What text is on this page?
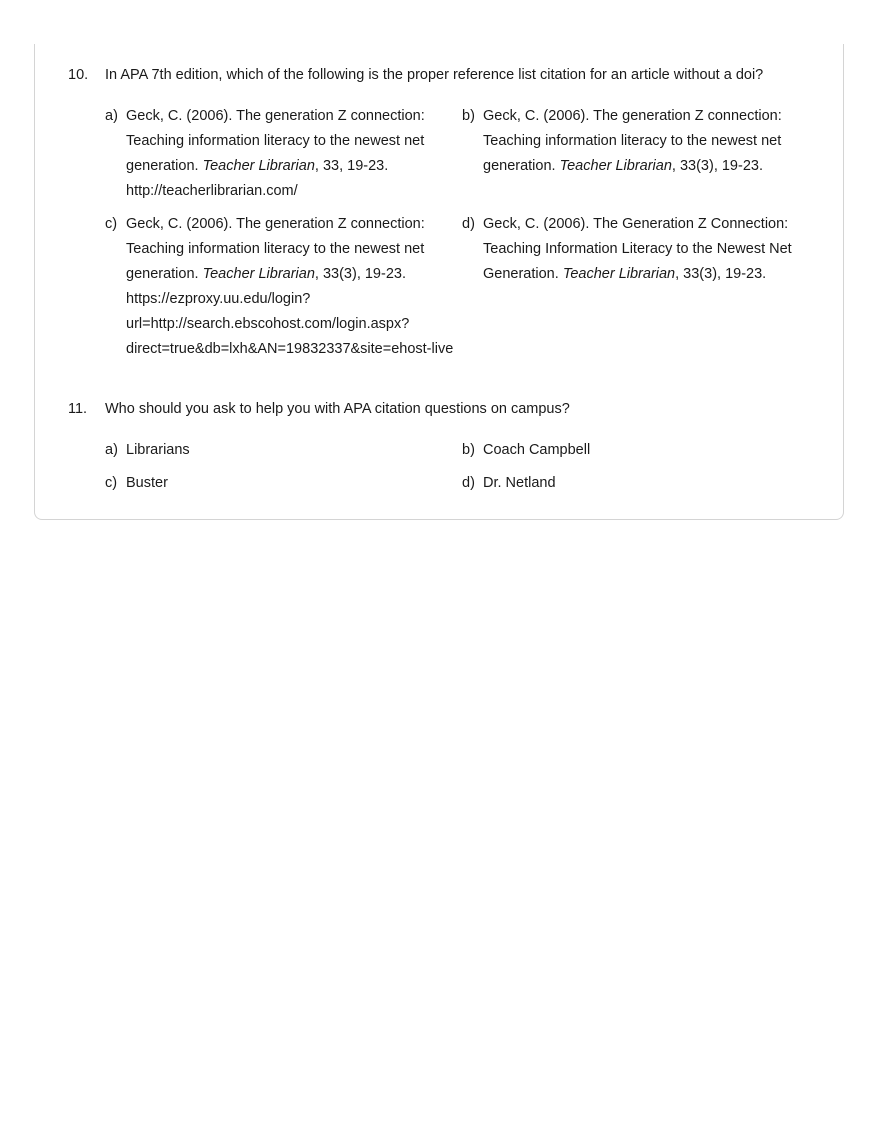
10. In APA 7th edition, which of the following is the proper reference list citation for an article without a doi?
a) Geck, C. (2006). The generation Z connection:
Teaching information literacy to the newest net
generation. Teacher Librarian, 33, 19-23.
http://teacherlibrarian.com/
b) Geck, C. (2006). The generation Z connection:
Teaching information literacy to the newest net
generation. Teacher Librarian, 33(3), 19-23.
c) Geck, C. (2006). The generation Z connection:
Teaching information literacy to the newest net
generation. Teacher Librarian, 33(3), 19-23.
https://ezproxy.uu.edu/login?
url=http://search.ebscohost.com/login.aspx?
direct=true&db=lxh&AN=19832337&site=ehost-live
d) Geck, C. (2006). The Generation Z Connection:
Teaching Information Literacy to the Newest Net
Generation. Teacher Librarian, 33(3), 19-23.
11. Who should you ask to help you with APA citation questions on campus?
a) Librarians	b) Coach Campbell
c) Buster	d) Dr. Netland
